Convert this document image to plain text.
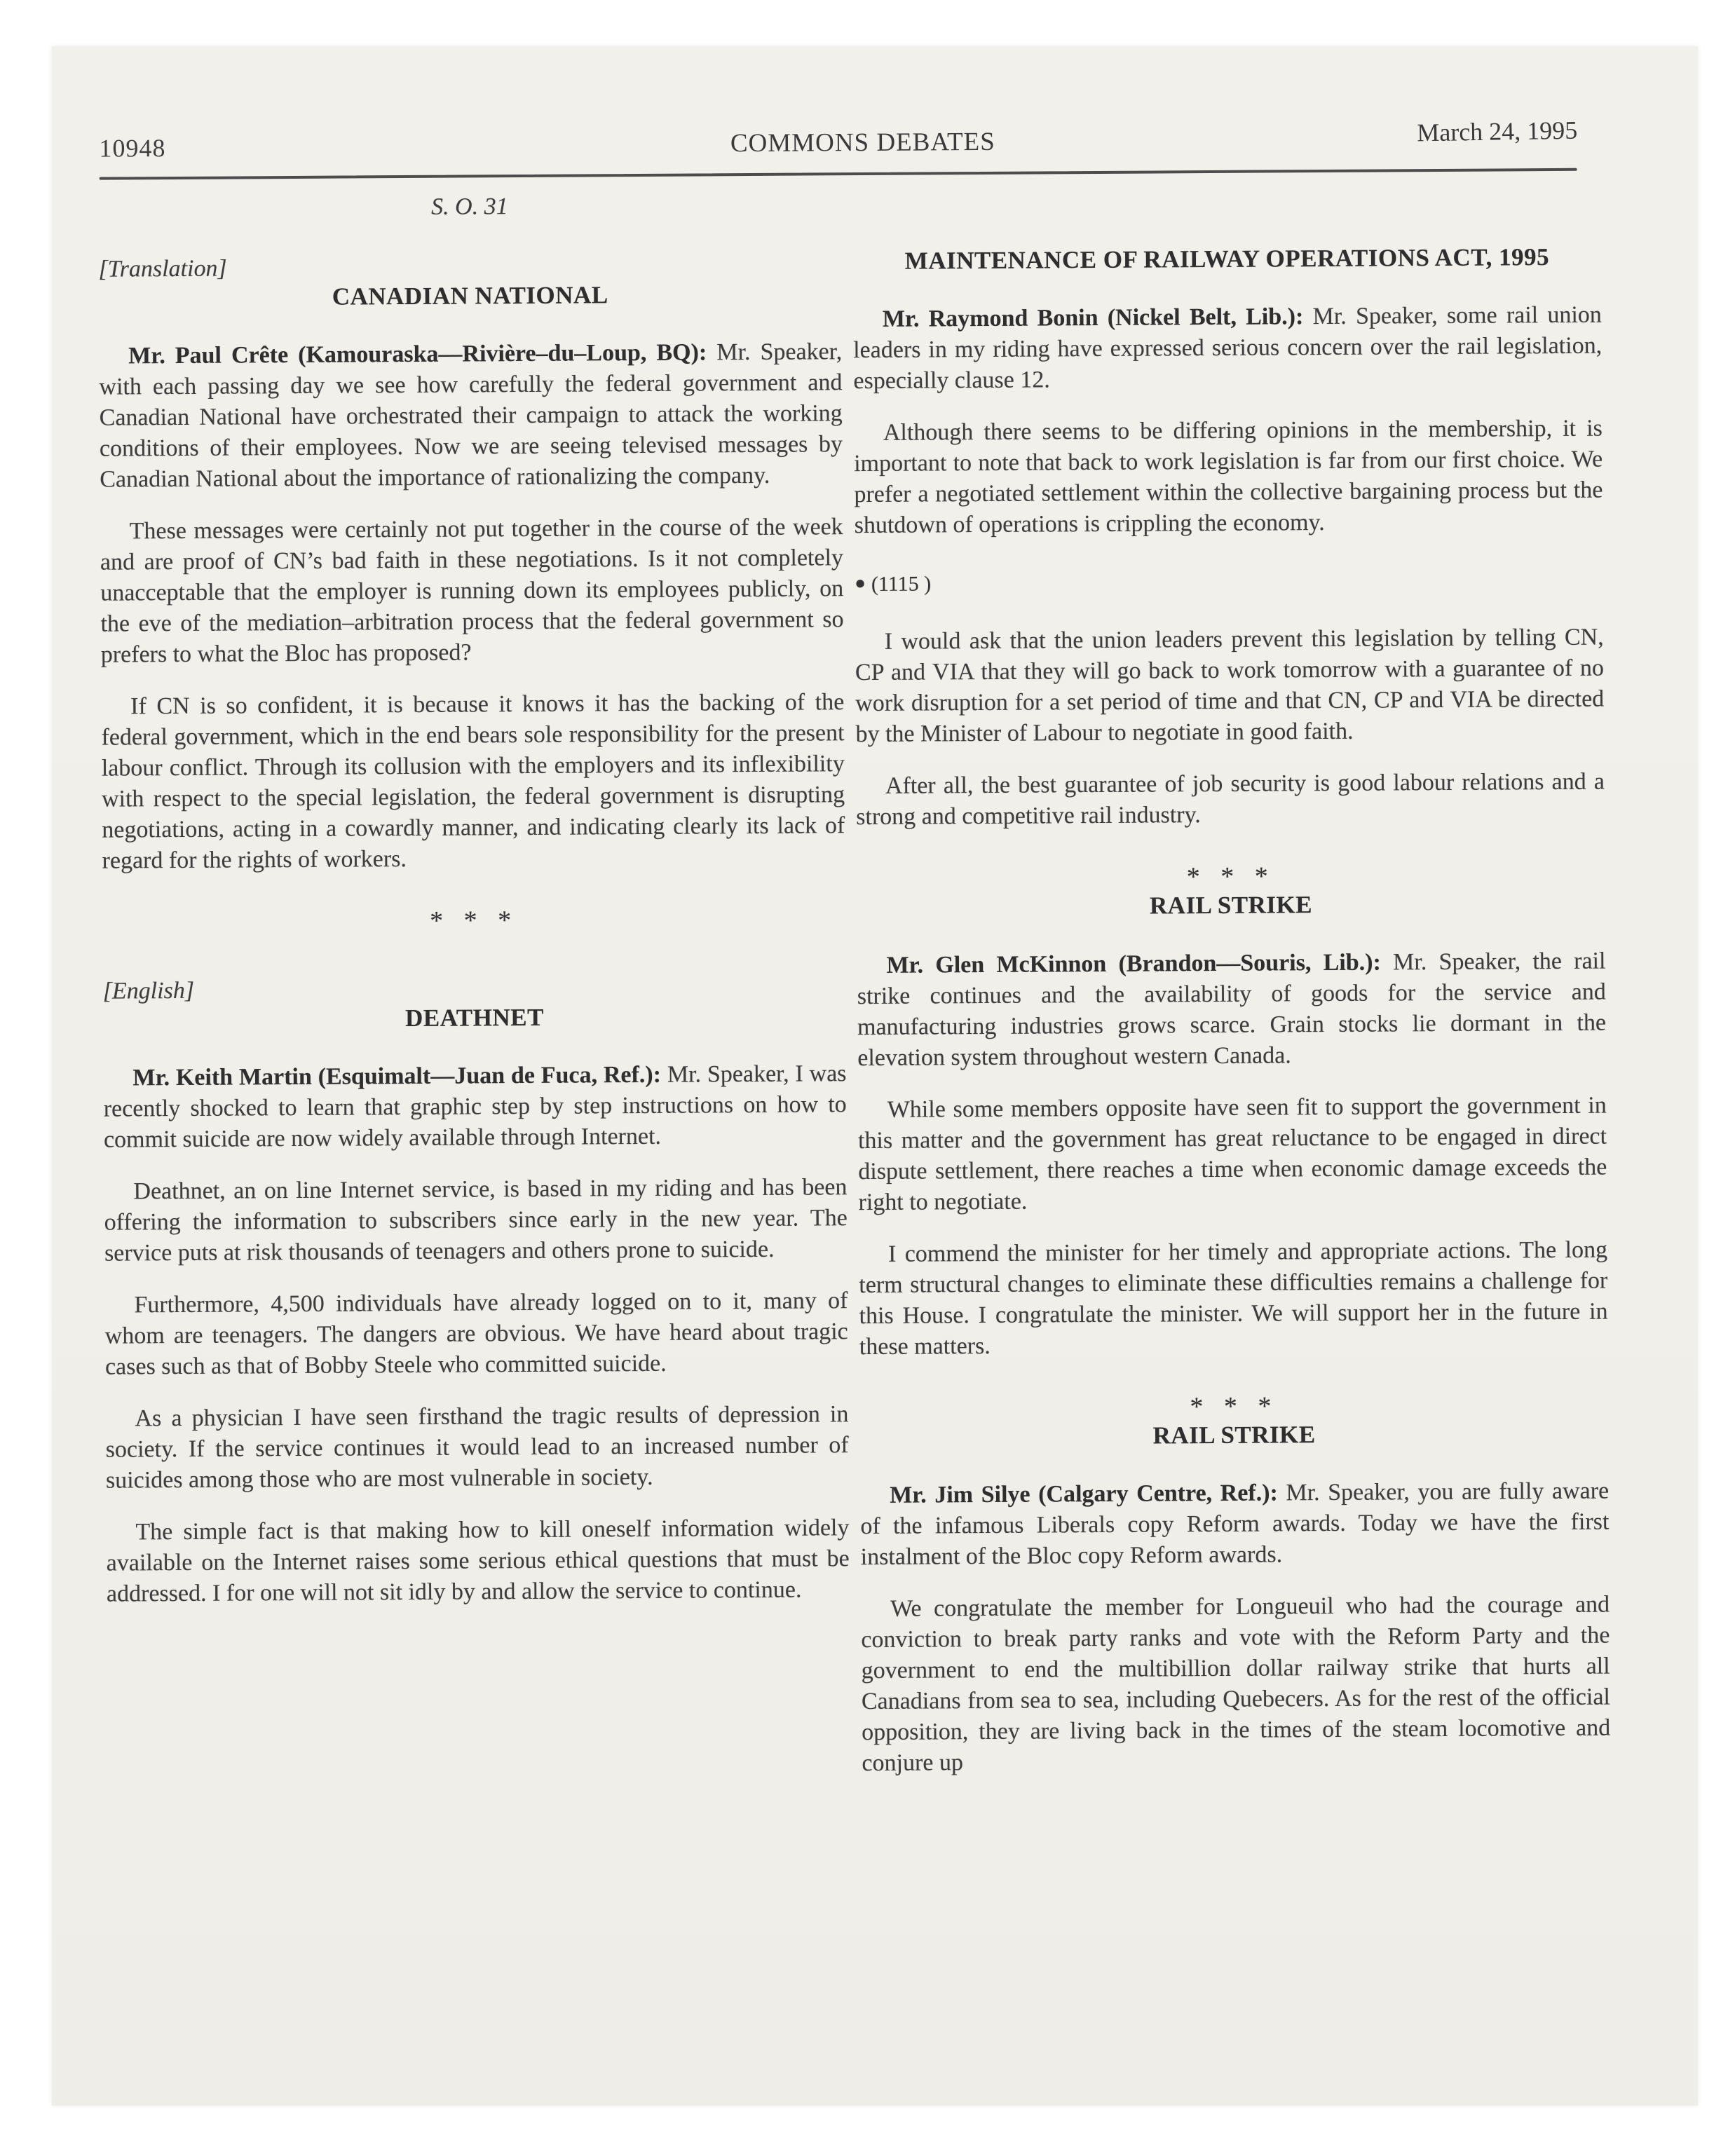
10948	COMMONS DEBATES	March 24, 1995
S. O. 31
[Translation]
CANADIAN NATIONAL

Mr. Paul Crête (Kamouraska—Rivière–du–Loup, BQ): Mr. Speaker, with each passing day we see how carefully the federal government and Canadian National have orchestrated their campaign to attack the working conditions of their employees. Now we are seeing televised messages by Canadian National about the importance of rationalizing the company.

These messages were certainly not put together in the course of the week and are proof of CN’s bad faith in these negotiations. Is it not completely unacceptable that the employer is running down its employees publicly, on the eve of the mediation–arbitration process that the federal government so prefers to what the Bloc has proposed?

If CN is so confident, it is because it knows it has the backing of the federal government, which in the end bears sole responsibility for the present labour conflict. Through its collusion with the employers and its inflexibility with respect to the special legislation, the federal government is disrupting negotiations, acting in a cowardly manner, and indicating clearly its lack of regard for the rights of workers.

* * *
[English]
DEATHNET

Mr. Keith Martin (Esquimalt—Juan de Fuca, Ref.): Mr. Speaker, I was recently shocked to learn that graphic step by step instructions on how to commit suicide are now widely available through Internet.

Deathnet, an on line Internet service, is based in my riding and has been offering the information to subscribers since early in the new year. The service puts at risk thousands of teenagers and others prone to suicide.

Furthermore, 4,500 individuals have already logged on to it, many of whom are teenagers. The dangers are obvious. We have heard about tragic cases such as that of Bobby Steele who committed suicide.

As a physician I have seen firsthand the tragic results of depression in society. If the service continues it would lead to an increased number of suicides among those who are most vulnerable in society.

The simple fact is that making how to kill oneself information widely available on the Internet raises some serious ethical questions that must be addressed. I for one will not sit idly by and allow the service to continue.

MAINTENANCE OF RAILWAY OPERATIONS ACT, 1995

Mr. Raymond Bonin (Nickel Belt, Lib.): Mr. Speaker, some rail union leaders in my riding have expressed serious concern over the rail legislation, especially clause 12.

Although there seems to be differing opinions in the membership, it is important to note that back to work legislation is far from our first choice. We prefer a negotiated settlement within the collective bargaining process but the shutdown of operations is crippling the economy.

● (1115 )

I would ask that the union leaders prevent this legislation by telling CN, CP and VIA that they will go back to work tomorrow with a guarantee of no work disruption for a set period of time and that CN, CP and VIA be directed by the Minister of Labour to negotiate in good faith.

After all, the best guarantee of job security is good labour relations and a strong and competitive rail industry.

* * *
RAIL STRIKE

Mr. Glen McKinnon (Brandon—Souris, Lib.): Mr. Speaker, the rail strike continues and the availability of goods for the service and manufacturing industries grows scarce. Grain stocks lie dormant in the elevation system throughout western Canada.

While some members opposite have seen fit to support the government in this matter and the government has great reluctance to be engaged in direct dispute settlement, there reaches a time when economic damage exceeds the right to negotiate.

I commend the minister for her timely and appropriate actions. The long term structural changes to eliminate these difficulties remains a challenge for this House. I congratulate the minister. We will support her in the future in these matters.

* * *
RAIL STRIKE

Mr. Jim Silye (Calgary Centre, Ref.): Mr. Speaker, you are fully aware of the infamous Liberals copy Reform awards. Today we have the first instalment of the Bloc copy Reform awards.

We congratulate the member for Longueuil who had the courage and conviction to break party ranks and vote with the Reform Party and the government to end the multibillion dollar railway strike that hurts all Canadians from sea to sea, including Quebecers. As for the rest of the official opposition, they are living back in the times of the steam locomotive and conjure up
